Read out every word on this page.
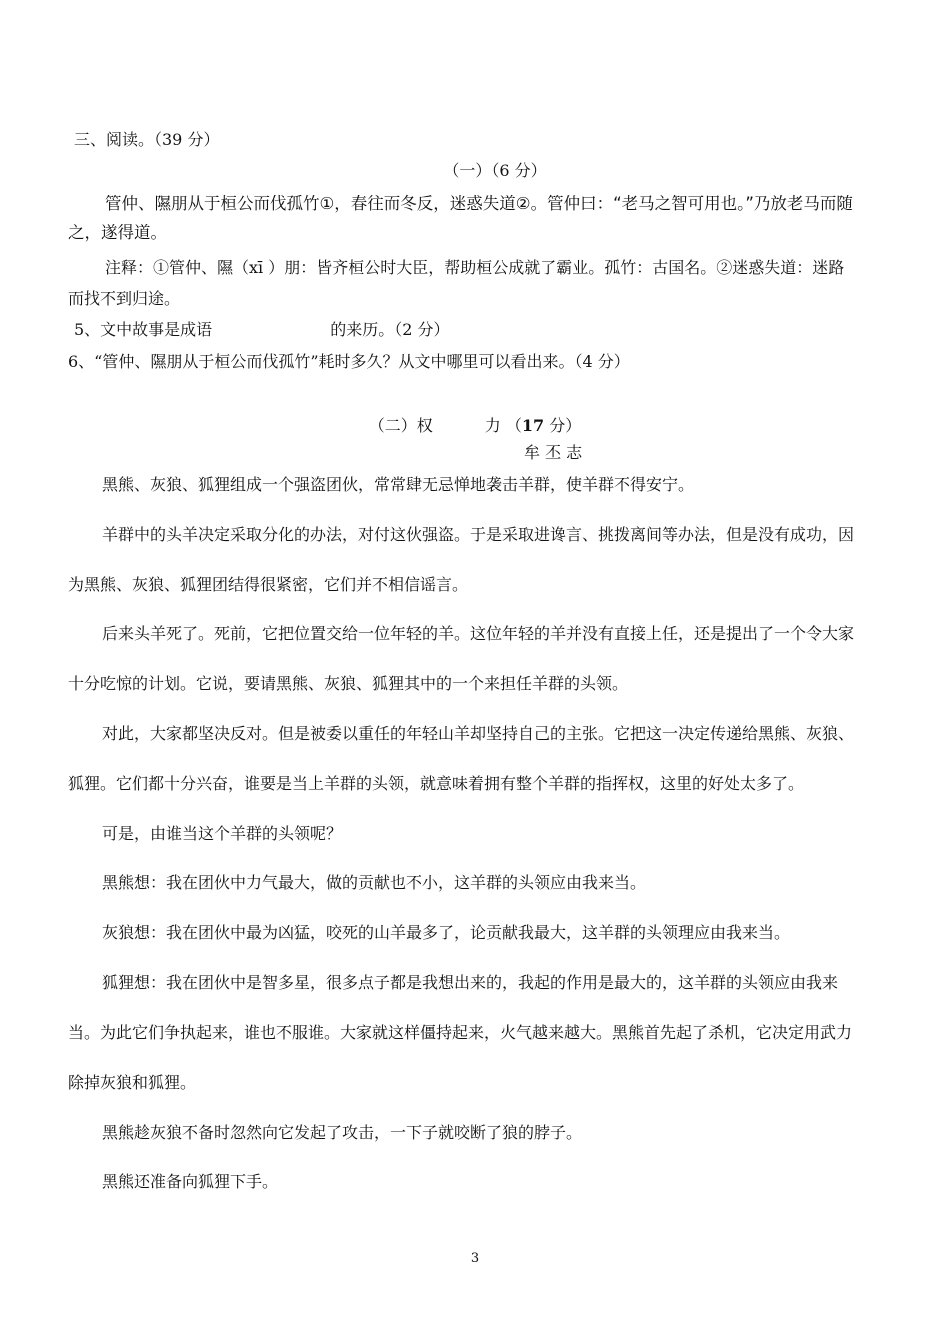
三、阅读。（39 分）
（一）（6 分）
管仲、隰朋从于桓公而伐孤竹①，春往而冬反，迷惑失道②。管仲曰：“老马之智可用也。”乃放老马而随
之，遂得道。
注释：①管仲、隰（xī ）朋：皆齐桓公时大臣，帮助桓公成就了霸业。孤竹：古国名。②迷惑失道：迷路
而找不到归途。
5、文中故事是成语	的来历。（2 分）
6、“管仲、隰朋从于桓公而伐孤竹”耗时多久？从文中哪里可以看出来。（4 分）
（二）权	力 （17 分）
牟 丕 志
黑熊、灰狼、狐狸组成一个强盗团伙，常常肆无忌惮地袭击羊群，使羊群不得安宁。
羊群中的头羊决定采取分化的办法，对付这伙强盗。于是采取进谗言、挑拨离间等办法，但是没有成功，因
为黑熊、灰狼、狐狸团结得很紧密，它们并不相信谣言。
后来头羊死了。死前，它把位置交给一位年轻的羊。这位年轻的羊并没有直接上任，还是提出了一个令大家
十分吃惊的计划。它说，要请黑熊、灰狼、狐狸其中的一个来担任羊群的头领。
对此，大家都坚决反对。但是被委以重任的年轻山羊却坚持自己的主张。它把这一决定传递给黑熊、灰狼、
狐狸。它们都十分兴奋，谁要是当上羊群的头领，就意味着拥有整个羊群的指挥权，这里的好处太多了。
可是，由谁当这个羊群的头领呢？
黑熊想：我在团伙中力气最大，做的贡献也不小，这羊群的头领应由我来当。
灰狼想：我在团伙中最为凶猛，咬死的山羊最多了，论贡献我最大，这羊群的头领理应由我来当。
狐狸想：我在团伙中是智多星，很多点子都是我想出来的，我起的作用是最大的，这羊群的头领应由我来
当。为此它们争执起来，谁也不服谁。大家就这样僵持起来，火气越来越大。黑熊首先起了杀机，它决定用武力
除掉灰狼和狐狸。
黑熊趁灰狼不备时忽然向它发起了攻击，一下子就咬断了狼的脖子。
黑熊还准备向狐狸下手。
3
